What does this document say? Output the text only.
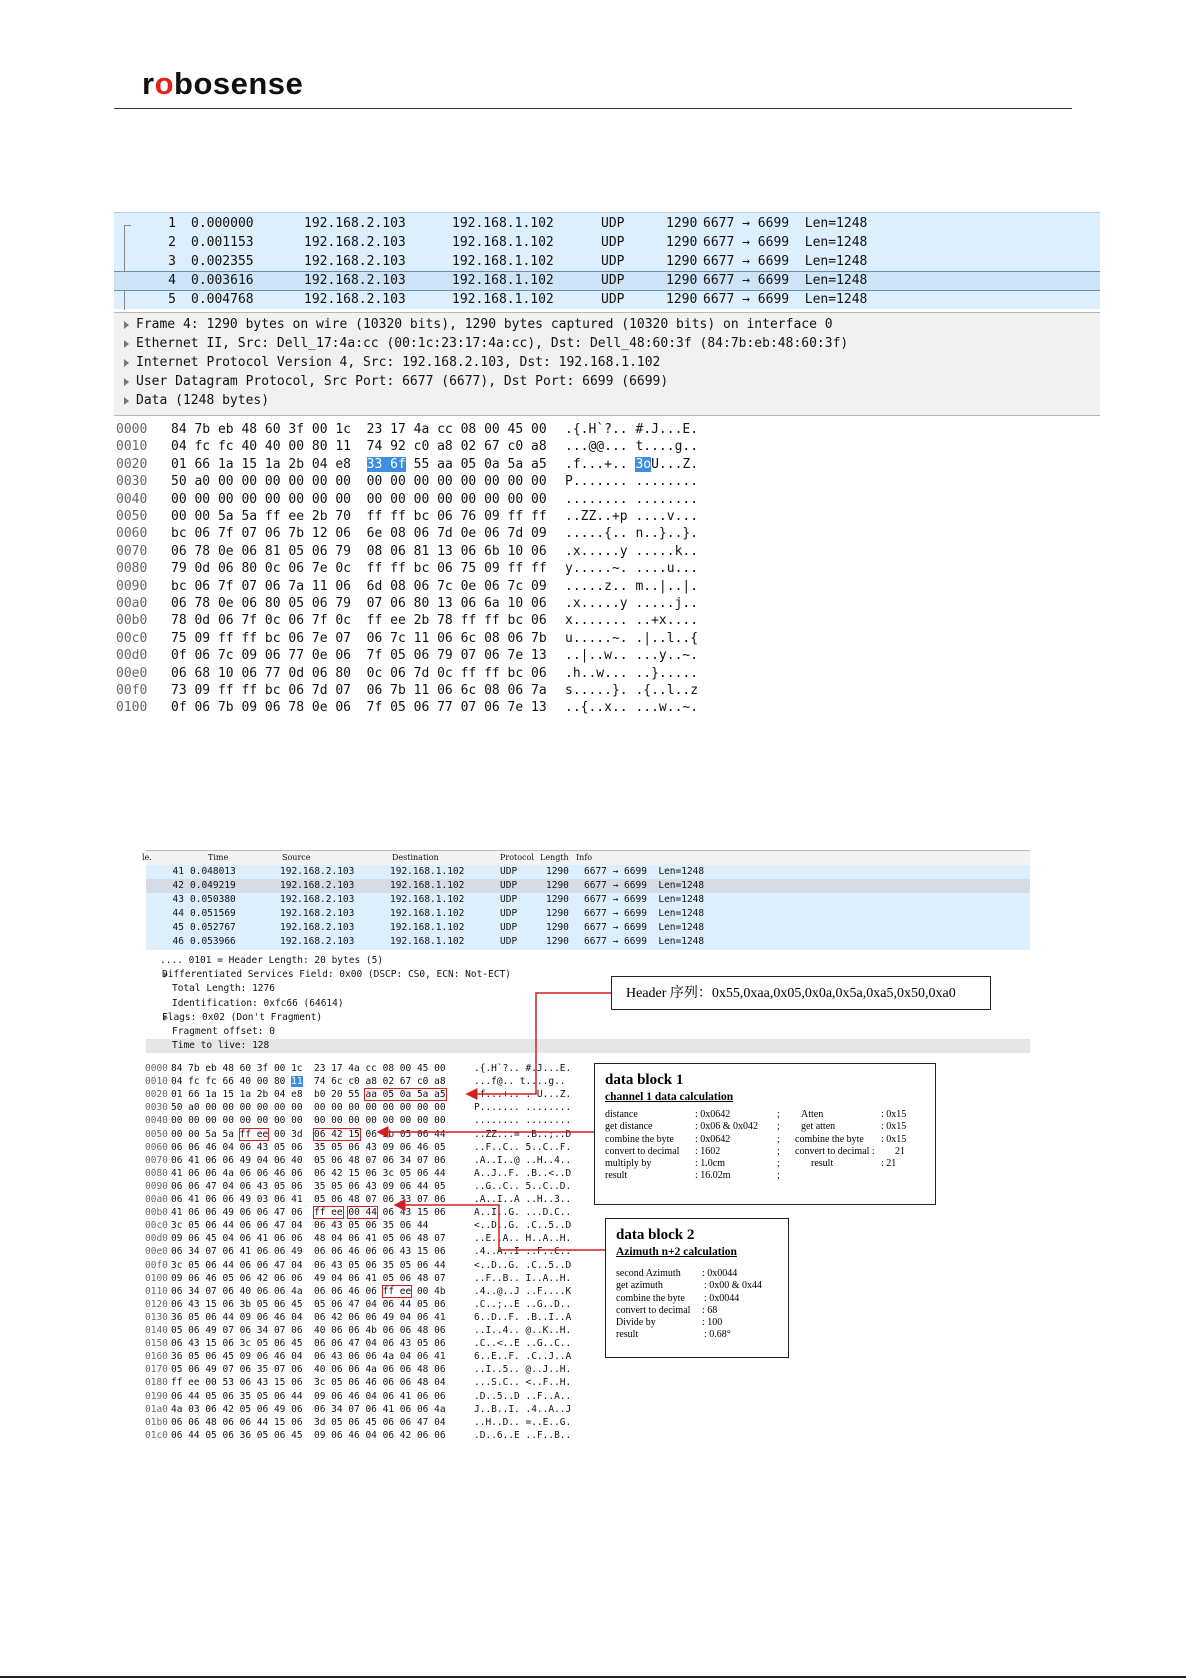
robosense
1 0.000000	192.168.2.103	192.168.1.102	UDP	1290 6677 → 6699  Len=1248
2 0.001153	192.168.2.103	192.168.1.102	UDP	1290 6677 → 6699  Len=1248
3 0.002355	192.168.2.103	192.168.1.102	UDP	1290 6677 → 6699  Len=1248
4 0.003616	192.168.2.103	192.168.1.102	UDP	1290 6677 → 6699  Len=1248
5 0.004768	192.168.2.103	192.168.1.102	UDP	1290 6677 → 6699  Len=1248
Frame 4: 1290 bytes on wire (10320 bits), 1290 bytes captured (10320 bits) on interface 0
Ethernet II, Src: Dell_17:4a:cc (00:1c:23:17:4a:cc), Dst: Dell_48:60:3f (84:7b:eb:48:60:3f)
Internet Protocol Version 4, Src: 192.168.2.103, Dst: 192.168.1.102
User Datagram Protocol, Src Port: 6677 (6677), Dst Port: 6699 (6699)
Data (1248 bytes)
0000 84 7b eb 48 60 3f 00 1c  23 17 4a cc 08 00 45 00 .{.H`?.. #.J...E.
0010 04 fc fc 40 40 00 80 11  74 92 c0 a8 02 67 c0 a8 ...@@... t....g..
0020 01 66 1a 15 1a 2b 04 e8  33 6f 55 aa 05 0a 5a a5 .f...+.. 3oU...Z.
0030 50 a0 00 00 00 00 00 00  00 00 00 00 00 00 00 00 P....... ........
0040 00 00 00 00 00 00 00 00  00 00 00 00 00 00 00 00 ........ ........
0050 00 00 5a 5a ff ee 2b 70  ff ff bc 06 76 09 ff ff ..ZZ..+p ....v...
0060 bc 06 7f 07 06 7b 12 06  6e 08 06 7d 0e 06 7d 09 .....{.. n..}..}.
0070 06 78 0e 06 81 05 06 79  08 06 81 13 06 6b 10 06 .x.....y .....k..
0080 79 0d 06 80 0c 06 7e 0c  ff ff bc 06 75 09 ff ff y.....~. ....u...
0090 bc 06 7f 07 06 7a 11 06  6d 08 06 7c 0e 06 7c 09 .....z.. m..|..|.
00a0 06 78 0e 06 80 05 06 79  07 06 80 13 06 6a 10 06 .x.....y .....j..
00b0 78 0d 06 7f 0c 06 7f 0c  ff ee 2b 78 ff ff bc 06 x....... ..+x....
00c0 75 09 ff ff bc 06 7e 07  06 7c 11 06 6c 08 06 7b u.....~. .|..l..{
00d0 0f 06 7c 09 06 77 0e 06  7f 05 06 79 07 06 7e 13 ..|..w.. ...y..~.
00e0 06 68 10 06 77 0d 06 80  0c 06 7d 0c ff ff bc 06 .h..w... ..}.....
00f0 73 09 ff ff bc 06 7d 07  06 7b 11 06 6c 08 06 7a s.....}. .{..l..z
0100 0f 06 7b 09 06 78 0e 06  7f 05 06 77 07 06 7e 13 ..{..x.. ...w..~.
le.	Time	Source	Destination	Protocol Length Info
41 0.048013	192.168.2.103	192.168.1.102	UDP	1290 6677 → 6699  Len=1248
42 0.049219	192.168.2.103	192.168.1.102	UDP	1290 6677 → 6699  Len=1248
43 0.050380	192.168.2.103	192.168.1.102	UDP	1290 6677 → 6699  Len=1248
44 0.051569	192.168.2.103	192.168.1.102	UDP	1290 6677 → 6699  Len=1248
45 0.052767	192.168.2.103	192.168.1.102	UDP	1290 6677 → 6699  Len=1248
46 0.053966	192.168.2.103	192.168.1.102	UDP	1290 6677 → 6699  Len=1248
.... 0101 = Header Length: 20 bytes (5)
Differentiated Services Field: 0x00 (DSCP: CS0, ECN: Not-ECT)
Total Length: 1276
Identification: 0xfc66 (64614)
Flags: 0x02 (Don't Fragment)
Fragment offset: 0
Time to live: 128
0000 84 7b eb 48 60 3f 00 1c  23 17 4a cc 08 00 45 00	.{.H`?.. #.J...E.
0010 04 fc fc 66 40 00 80 11  74 6c c0 a8 02 67 c0 a8	...f@.. t....g..
0020 01 66 1a 15 1a 2b 04 e8  b0 20 55 aa 05 0a 5a a5	.f...+.. . U...Z.
0030 50 a0 00 00 00 00 00 00  00 00 00 00 00 00 00 00	P....... ........
0040 00 00 00 00 00 00 00 00  00 00 00 00 00 00 00 00	........ ........
0050 00 00 5a 5a ff ee 00 3d  06 42 15 06 3b 05 06 44	..ZZ...= .B..;..D
0060 06 06 46 04 06 43 05 06  35 05 06 43 09 06 46 05	..F..C.. 5..C..F.
0070 06 41 06 06 49 04 06 40  05 06 48 07 06 34 07 06	.A..I..@ ..H..4..
0080 41 06 06 4a 06 06 46 06  06 42 15 06 3c 05 06 44	A..J..F. .B..<..D
0090 06 06 47 04 06 43 05 06  35 05 06 43 09 06 44 05	..G..C.. 5..C..D.
00a0 06 41 06 06 49 03 06 41  05 06 48 07 06 33 07 06	.A..I..A ..H..3..
00b0 41 06 06 49 06 06 47 06  ff ee 00 44 06 43 15 06	A..I..G. ...D.C..
00c0 3c 05 06 44 06 06 47 04  06 43 05 06 35 06 44	<..D..G. .C..5..D
00d0 09 06 45 04 06 41 06 06  48 04 06 41 05 06 48 07	..E..A.. H..A..H.
00e0 06 34 07 06 41 06 06 49  06 06 46 06 06 43 15 06	.4..A..I ..F..C..
00f0 3c 05 06 44 06 06 47 04  06 43 05 06 35 05 06 44	<..D..G. .C..5..D
0100 09 06 46 05 06 42 06 06  49 04 06 41 05 06 48 07	..F..B.. I..A..H.
0110 06 34 07 06 40 06 06 4a  06 06 46 06 ff ee 00 4b	.4..@..J ..F....K
0120 06 43 15 06 3b 05 06 45  05 06 47 04 06 44 05 06	.C..;..E ..G..D..
0130 36 05 06 44 09 06 46 04  06 42 06 06 49 04 06 41	6..D..F. .B..I..A
0140 05 06 49 07 06 34 07 06  40 06 06 4b 06 06 48 06	..I..4.. @..K..H.
0150 06 43 15 06 3c 05 06 45  06 06 47 04 06 43 05 06	.C..<..E ..G..C..
0160 36 05 06 45 09 06 46 04  06 43 06 06 4a 04 06 41	6..E..F. .C..J..A
0170 05 06 49 07 06 35 07 06  40 06 06 4a 06 06 48 06	..I..5.. @..J..H.
0180 ff ee 00 53 06 43 15 06  3c 05 06 46 06 06 48 04	...S.C.. <..F..H.
0190 06 44 05 06 35 05 06 44  09 06 46 04 06 41 06 06	.D..5..D ..F..A..
01a0 4a 03 06 42 05 06 49 06  06 34 07 06 41 06 06 4a	J..B..I. .4..A..J
01b0 06 06 48 06 06 44 15 06  3d 05 06 45 06 06 47 04	..H..D.. =..E..G.
01c0 06 44 05 06 36 05 06 45  09 06 46 04 06 42 06 06	.D..6..E ..F..B..
Header 序列：0x55,0xaa,0x05,0x0a,0x5a,0xa5,0x50,0xa0
data block 1
channel 1 data calculation
distance	: 0x0642	; Atten	: 0x15
get distance	: 0x06 & 0x042 ; get atten	: 0x15
combine the byte : 0x0642	; combine the byte : 0x15
convert to decimal : 1602	; convert to decimal : 21
multiply by	: 1.0cm	;	result	: 21
result	: 16.02m	;
data block 2
Azimuth n+2 calculation
second Azimuth : 0x0044
get azimuth	: 0x00 & 0x44
combine the byte : 0x0044
convert to decimal : 68
Divide by	: 100
result	: 0.68°
